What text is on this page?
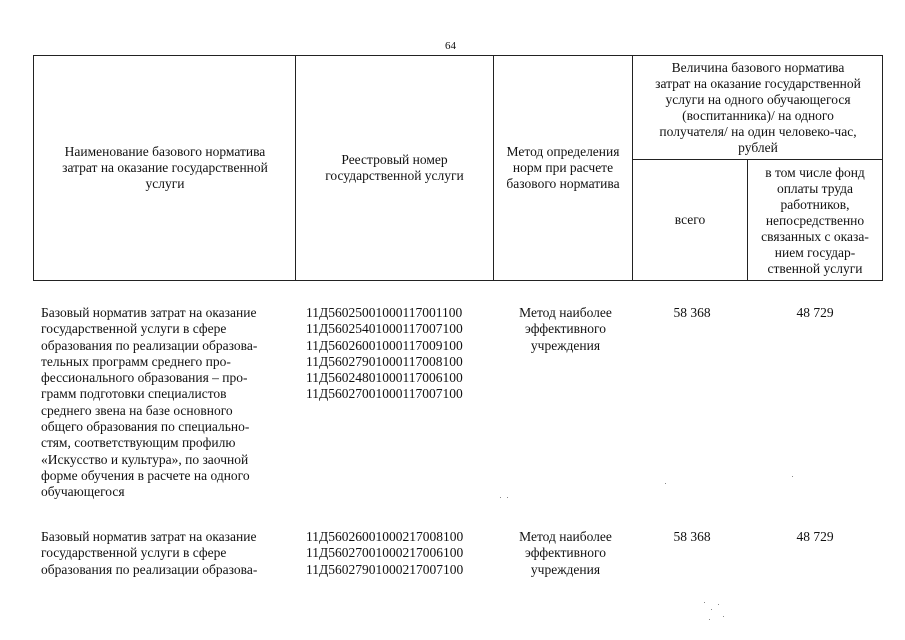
64
Наименование базового норматива
затрат на оказание государственной
услуги
Реестровый номер
государственной услуги
Метод определения
норм при расчете
базового норматива
Величина базового норматива
затрат на оказание государственной
услуги на одного обучающегося
(воспитанника)/ на одного
получателя/ на один человеко-час,
рублей
всего
в том числе фонд
оплаты труда
работников,
непосредственно
связанных с оказа-
нием государ-
ственной услуги
Базовый норматив затрат на оказание
государственной услуги в сфере
образования по реализации образова-
тельных программ среднего про-
фессионального образования – про-
грамм подготовки специалистов
среднего звена на базе основного
общего образования по специально-
стям, соответствующим профилю
«Искусство и культура», по заочной
форме обучения в расчете на одного
обучающегося
11Д56025001000117001100
11Д56025401000117007100
11Д56026001000117009100
11Д56027901000117008100
11Д56024801000117006100
11Д56027001000117007100
Метод наиболее
эффективного
учреждения
58 368	48 729
Базовый норматив затрат на оказание
государственной услуги в сфере
образования по реализации образова-
11Д56026001000217008100
11Д56027001000217006100
11Д56027901000217007100
Метод наиболее
эффективного
учреждения
58 368	48 729
